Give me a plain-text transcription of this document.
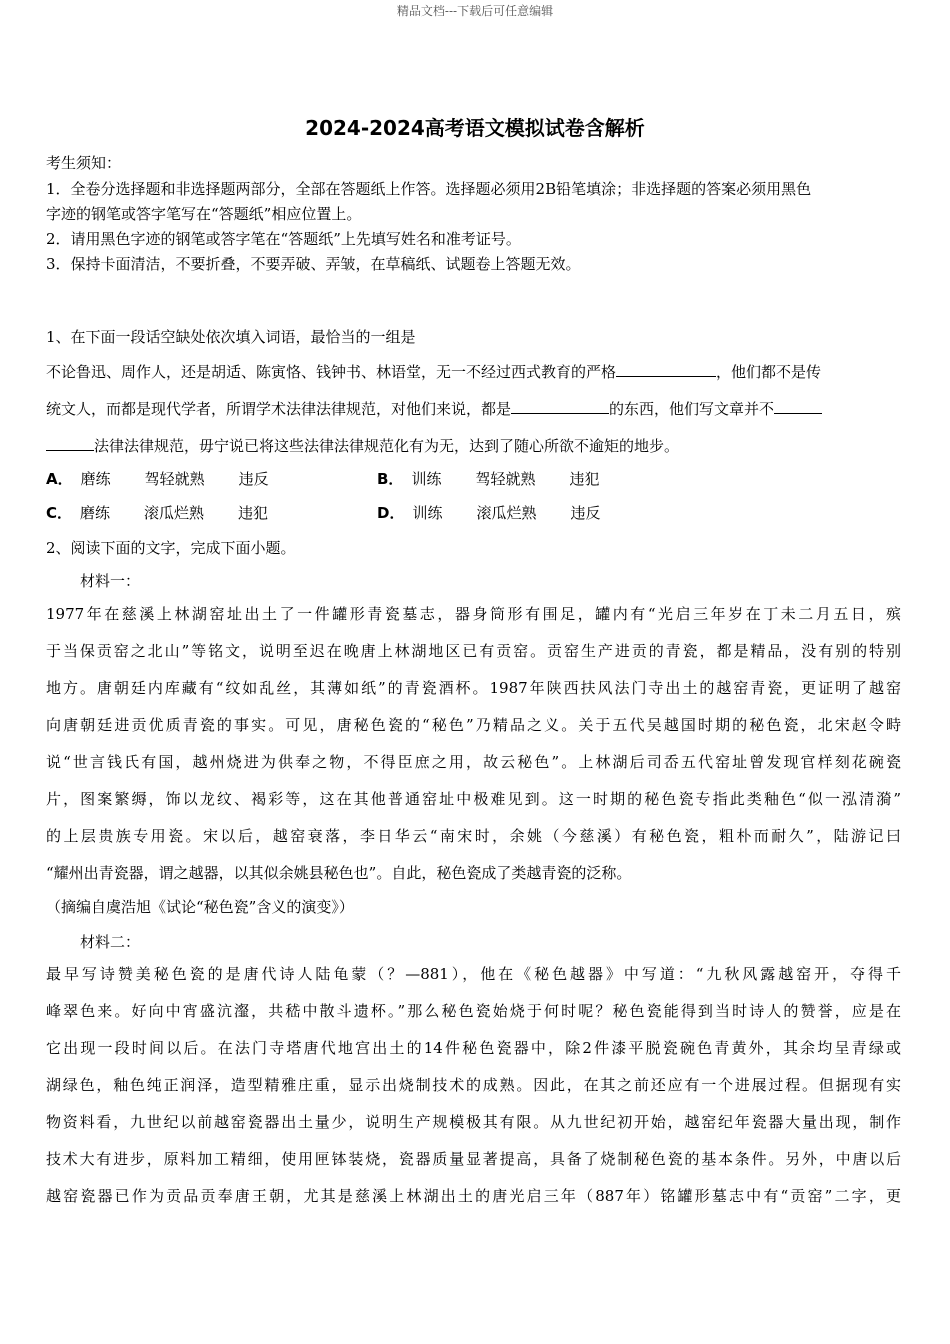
精品文档---下载后可任意编辑
2024-2024高考语文模拟试卷含解析
考生须知：
1．全卷分选择题和非选择题两部分，全部在答题纸上作答。选择题必须用2B铅笔填涂；非选择题的答案必须用黑色
字迹的钢笔或答字笔写在“答题纸”相应位置上。
2．请用黑色字迹的钢笔或答字笔在“答题纸”上先填写姓名和准考证号。
3．保持卡面清洁，不要折叠，不要弄破、弄皱，在草稿纸、试题卷上答题无效。
1、在下面一段话空缺处依次填入词语，最恰当的一组是
不论鲁迅、周作人，还是胡适、陈寅恪、钱钟书、林语堂，无一不经过西式教育的严格	，他们都不是传
统文人，而都是现代学者，所谓学术法律法律规范，对他们来说，都是	的东西，他们写文章并不
法律法律规范，毋宁说已将这些法律法律规范化有为无，达到了随心所欲不逾矩的地步。
A． 磨练 驾轻就熟 违反	B． 训练 驾轻就熟 违犯
C． 磨练 滚瓜烂熟 违犯	D． 训练 滚瓜烂熟 违反
2、阅读下面的文字，完成下面小题。
材料一：
1977年在慈溪上林湖窑址出土了一件罐形青瓷墓志，器身筒形有围足，罐内有“光启三年岁在丁未二月五日，殡
于当保贡窑之北山”等铭文，说明至迟在晚唐上林湖地区已有贡窑。贡窑生产进贡的青瓷，都是精品，没有别的特别
地方。唐朝廷内库藏有“纹如乱丝，其薄如纸”的青瓷酒杯。1987年陕西扶风法门寺出土的越窑青瓷，更证明了越窑
向唐朝廷进贡优质青瓷的事实。可见，唐秘色瓷的“秘色”乃精品之义。关于五代吴越国时期的秘色瓷，北宋赵令畤
说“世言钱氏有国，越州烧进为供奉之物，不得臣庶之用，故云秘色”。上林湖后司岙五代窑址曾发现官样刻花碗瓷
片，图案繁缛，饰以龙纹、褐彩等，这在其他普通窑址中极难见到。这一时期的秘色瓷专指此类釉色“似一泓清漪”
的上层贵族专用瓷。宋以后，越窑衰落，李日华云“南宋时，余姚（今慈溪）有秘色瓷，粗朴而耐久”，陆游记曰
“耀州出青瓷器，谓之越器，以其似余姚县秘色也”。自此，秘色瓷成了类越青瓷的泛称。
（摘编自虞浩旭《试论“秘色瓷”含义的演变》）
材料二：
最早写诗赞美秘色瓷的是唐代诗人陆龟蒙（？—881），他在《秘色越器》中写道：“九秋风露越窑开，夺得千
峰翠色来。好向中宵盛沆瀣，共嵇中散斗遗杯。”那么秘色瓷始烧于何时呢？秘色瓷能得到当时诗人的赞誉，应是在
它出现一段时间以后。在法门寺塔唐代地宫出土的14件秘色瓷器中，除2件漆平脱瓷碗色青黄外，其余均呈青绿或
湖绿色，釉色纯正润泽，造型精雅庄重，显示出烧制技术的成熟。因此，在其之前还应有一个进展过程。但据现有实
物资料看，九世纪以前越窑瓷器出土量少，说明生产规模极其有限。从九世纪初开始，越窑纪年瓷器大量出现，制作
技术大有进步，原料加工精细，使用匣钵装烧，瓷器质量显著提高，具备了烧制秘色瓷的基本条件。另外，中唐以后
越窑瓷器已作为贡品贡奉唐王朝，尤其是慈溪上林湖出土的唐光启三年（887年）铭罐形墓志中有“贡窑”二字，更
